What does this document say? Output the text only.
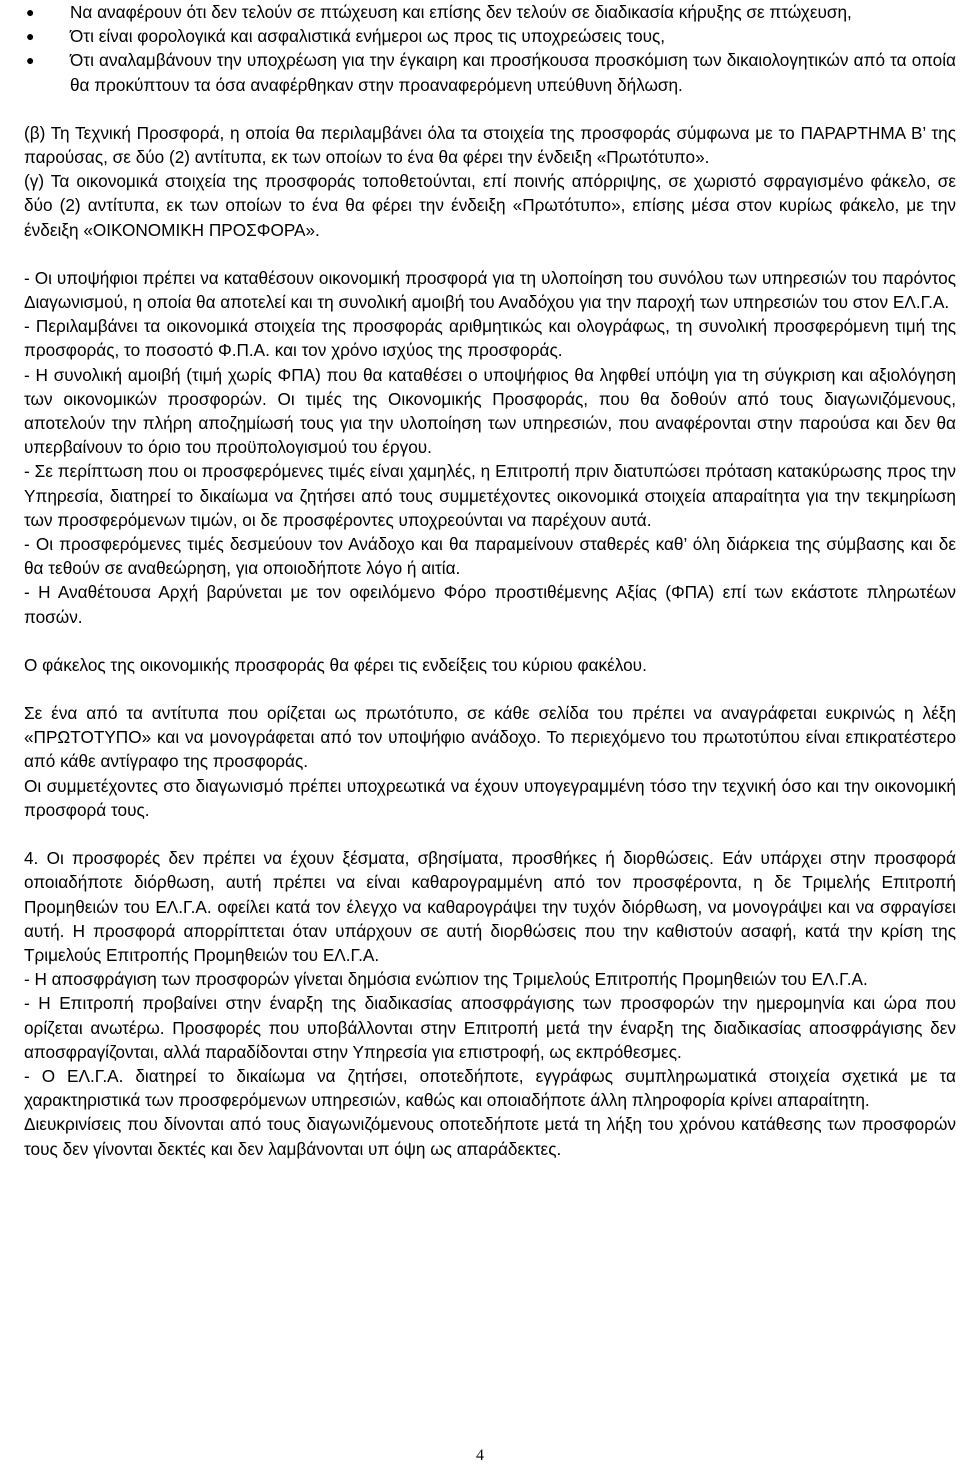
● Να αναφέρουν ότι δεν τελούν σε πτώχευση και επίσης δεν τελούν σε διαδικασία κήρυξης σε πτώχευση,
● Ότι είναι φορολογικά και ασφαλιστικά ενήμεροι ως προς τις υποχρεώσεις τους,
● Ότι αναλαμβάνουν την υποχρέωση για την έγκαιρη και προσήκουσα προσκόμιση των δικαιολογητικών από τα οποία θα προκύπτουν τα όσα αναφέρθηκαν στην προαναφερόμενη υπεύθυνη δήλωση.

(β) Τη Τεχνική Προσφορά, η οποία θα περιλαμβάνει όλα τα στοιχεία της προσφοράς σύμφωνα με το ΠΑΡΑΡΤΗΜΑ Β’ της παρούσας, σε δύο (2) αντίτυπα, εκ των οποίων το ένα θα φέρει την ένδειξη «Πρωτότυπο».

(γ) Τα οικονομικά στοιχεία της προσφοράς τοποθετούνται, επί ποινής απόρριψης, σε χωριστό σφραγισμένο φάκελο, σε δύο (2) αντίτυπα, εκ των οποίων το ένα θα φέρει την ένδειξη «Πρωτότυπο», επίσης μέσα στον κυρίως φάκελο, με την ένδειξη «ΟΙΚΟΝΟΜΙΚΗ ΠΡΟΣΦΟΡΑ».

- Οι υποψήφιοι πρέπει να καταθέσουν οικονομική προσφορά για τη υλοποίηση του συνόλου των υπηρεσιών του παρόντος Διαγωνισμού, η οποία θα αποτελεί και τη συνολική αμοιβή του Αναδόχου για την παροχή των υπηρεσιών του στον ΕΛ.Γ.Α.

- Περιλαμβάνει τα οικονομικά στοιχεία της προσφοράς αριθμητικώς και ολογράφως, τη συνολική προσφερόμενη τιμή της προσφοράς, το ποσοστό Φ.Π.Α. και τον χρόνο ισχύος της προσφοράς.

- Η συνολική αμοιβή (τιμή χωρίς ΦΠΑ) που θα καταθέσει ο υποψήφιος θα ληφθεί υπόψη για τη σύγκριση και αξιολόγηση των οικονομικών προσφορών. Οι τιμές της Οικονομικής Προσφοράς, που θα δοθούν από τους διαγωνιζόμενους, αποτελούν την πλήρη αποζημίωσή τους για την υλοποίηση των υπηρεσιών, που αναφέρονται στην παρούσα και δεν θα υπερβαίνουν το όριο του προϋπολογισμού του έργου.

- Σε περίπτωση που οι προσφερόμενες τιμές είναι χαμηλές, η Επιτροπή πριν διατυπώσει πρόταση κατακύρωσης προς την Υπηρεσία, διατηρεί το δικαίωμα να ζητήσει από τους συμμετέχοντες οικονομικά στοιχεία απαραίτητα για την τεκμηρίωση των προσφερόμενων τιμών, οι δε προσφέροντες υποχρεούνται να παρέχουν αυτά.

- Οι προσφερόμενες τιμές δεσμεύουν τον Ανάδοχο και θα παραμείνουν σταθερές καθ’ όλη διάρκεια της σύμβασης και δε θα τεθούν σε αναθεώρηση, για οποιοδήποτε λόγο ή αιτία.

- Η Αναθέτουσα Αρχή βαρύνεται με τον οφειλόμενο Φόρο προστιθέμενης Αξίας (ΦΠΑ) επί των εκάστοτε πληρωτέων ποσών.

Ο φάκελος της οικονομικής προσφοράς θα φέρει τις ενδείξεις του κύριου φακέλου.

Σε ένα από τα αντίτυπα που ορίζεται ως πρωτότυπο, σε κάθε σελίδα του πρέπει να αναγράφεται ευκρινώς η λέξη «ΠΡΩΤΟΤΥΠΟ» και να μονογράφεται από τον υποψήφιο ανάδοχο. Το περιεχόμενο του πρωτοτύπου είναι επικρατέστερο από κάθε αντίγραφο της προσφοράς.

Οι συμμετέχοντες στο διαγωνισμό πρέπει υποχρεωτικά να έχουν υπογεγραμμένη τόσο την τεχνική όσο και την οικονομική προσφορά τους.

4. Οι προσφορές δεν πρέπει να έχουν ξέσματα, σβησίματα, προσθήκες ή διορθώσεις. Εάν υπάρχει στην προσφορά οποιαδήποτε διόρθωση, αυτή πρέπει να είναι καθαρογραμμένη από τον προσφέροντα, η δε Τριμελής Επιτροπή Προμηθειών του ΕΛ.Γ.Α. οφείλει κατά τον έλεγχο να καθαρογράψει την τυχόν διόρθωση, να μονογράψει και να σφραγίσει αυτή. Η προσφορά απορρίπτεται όταν υπάρχουν σε αυτή διορθώσεις που την καθιστούν ασαφή, κατά την κρίση της Τριμελούς Επιτροπής Προμηθειών του ΕΛ.Γ.Α.

- Η αποσφράγιση των προσφορών γίνεται δημόσια ενώπιον της Τριμελούς Επιτροπής Προμηθειών του ΕΛ.Γ.Α.

- Η Επιτροπή προβαίνει στην έναρξη της διαδικασίας αποσφράγισης των προσφορών την ημερομηνία και ώρα που ορίζεται ανωτέρω. Προσφορές που υποβάλλονται στην Επιτροπή μετά την έναρξη της διαδικασίας αποσφράγισης δεν αποσφραγίζονται, αλλά παραδίδονται στην Υπηρεσία για επιστροφή, ως εκπρόθεσμες.

- Ο ΕΛ.Γ.Α. διατηρεί το δικαίωμα να ζητήσει, οποτεδήποτε, εγγράφως συμπληρωματικά στοιχεία σχετικά με τα χαρακτηριστικά των προσφερόμενων υπηρεσιών, καθώς και οποιαδήποτε άλλη πληροφορία κρίνει απαραίτητη.

Διευκρινίσεις που δίνονται από τους διαγωνιζόμενους οποτεδήποτε μετά τη λήξη του χρόνου κατάθεσης των προσφορών τους δεν γίνονται δεκτές και δεν λαμβάνονται υπ όψη ως απαράδεκτες.

4
